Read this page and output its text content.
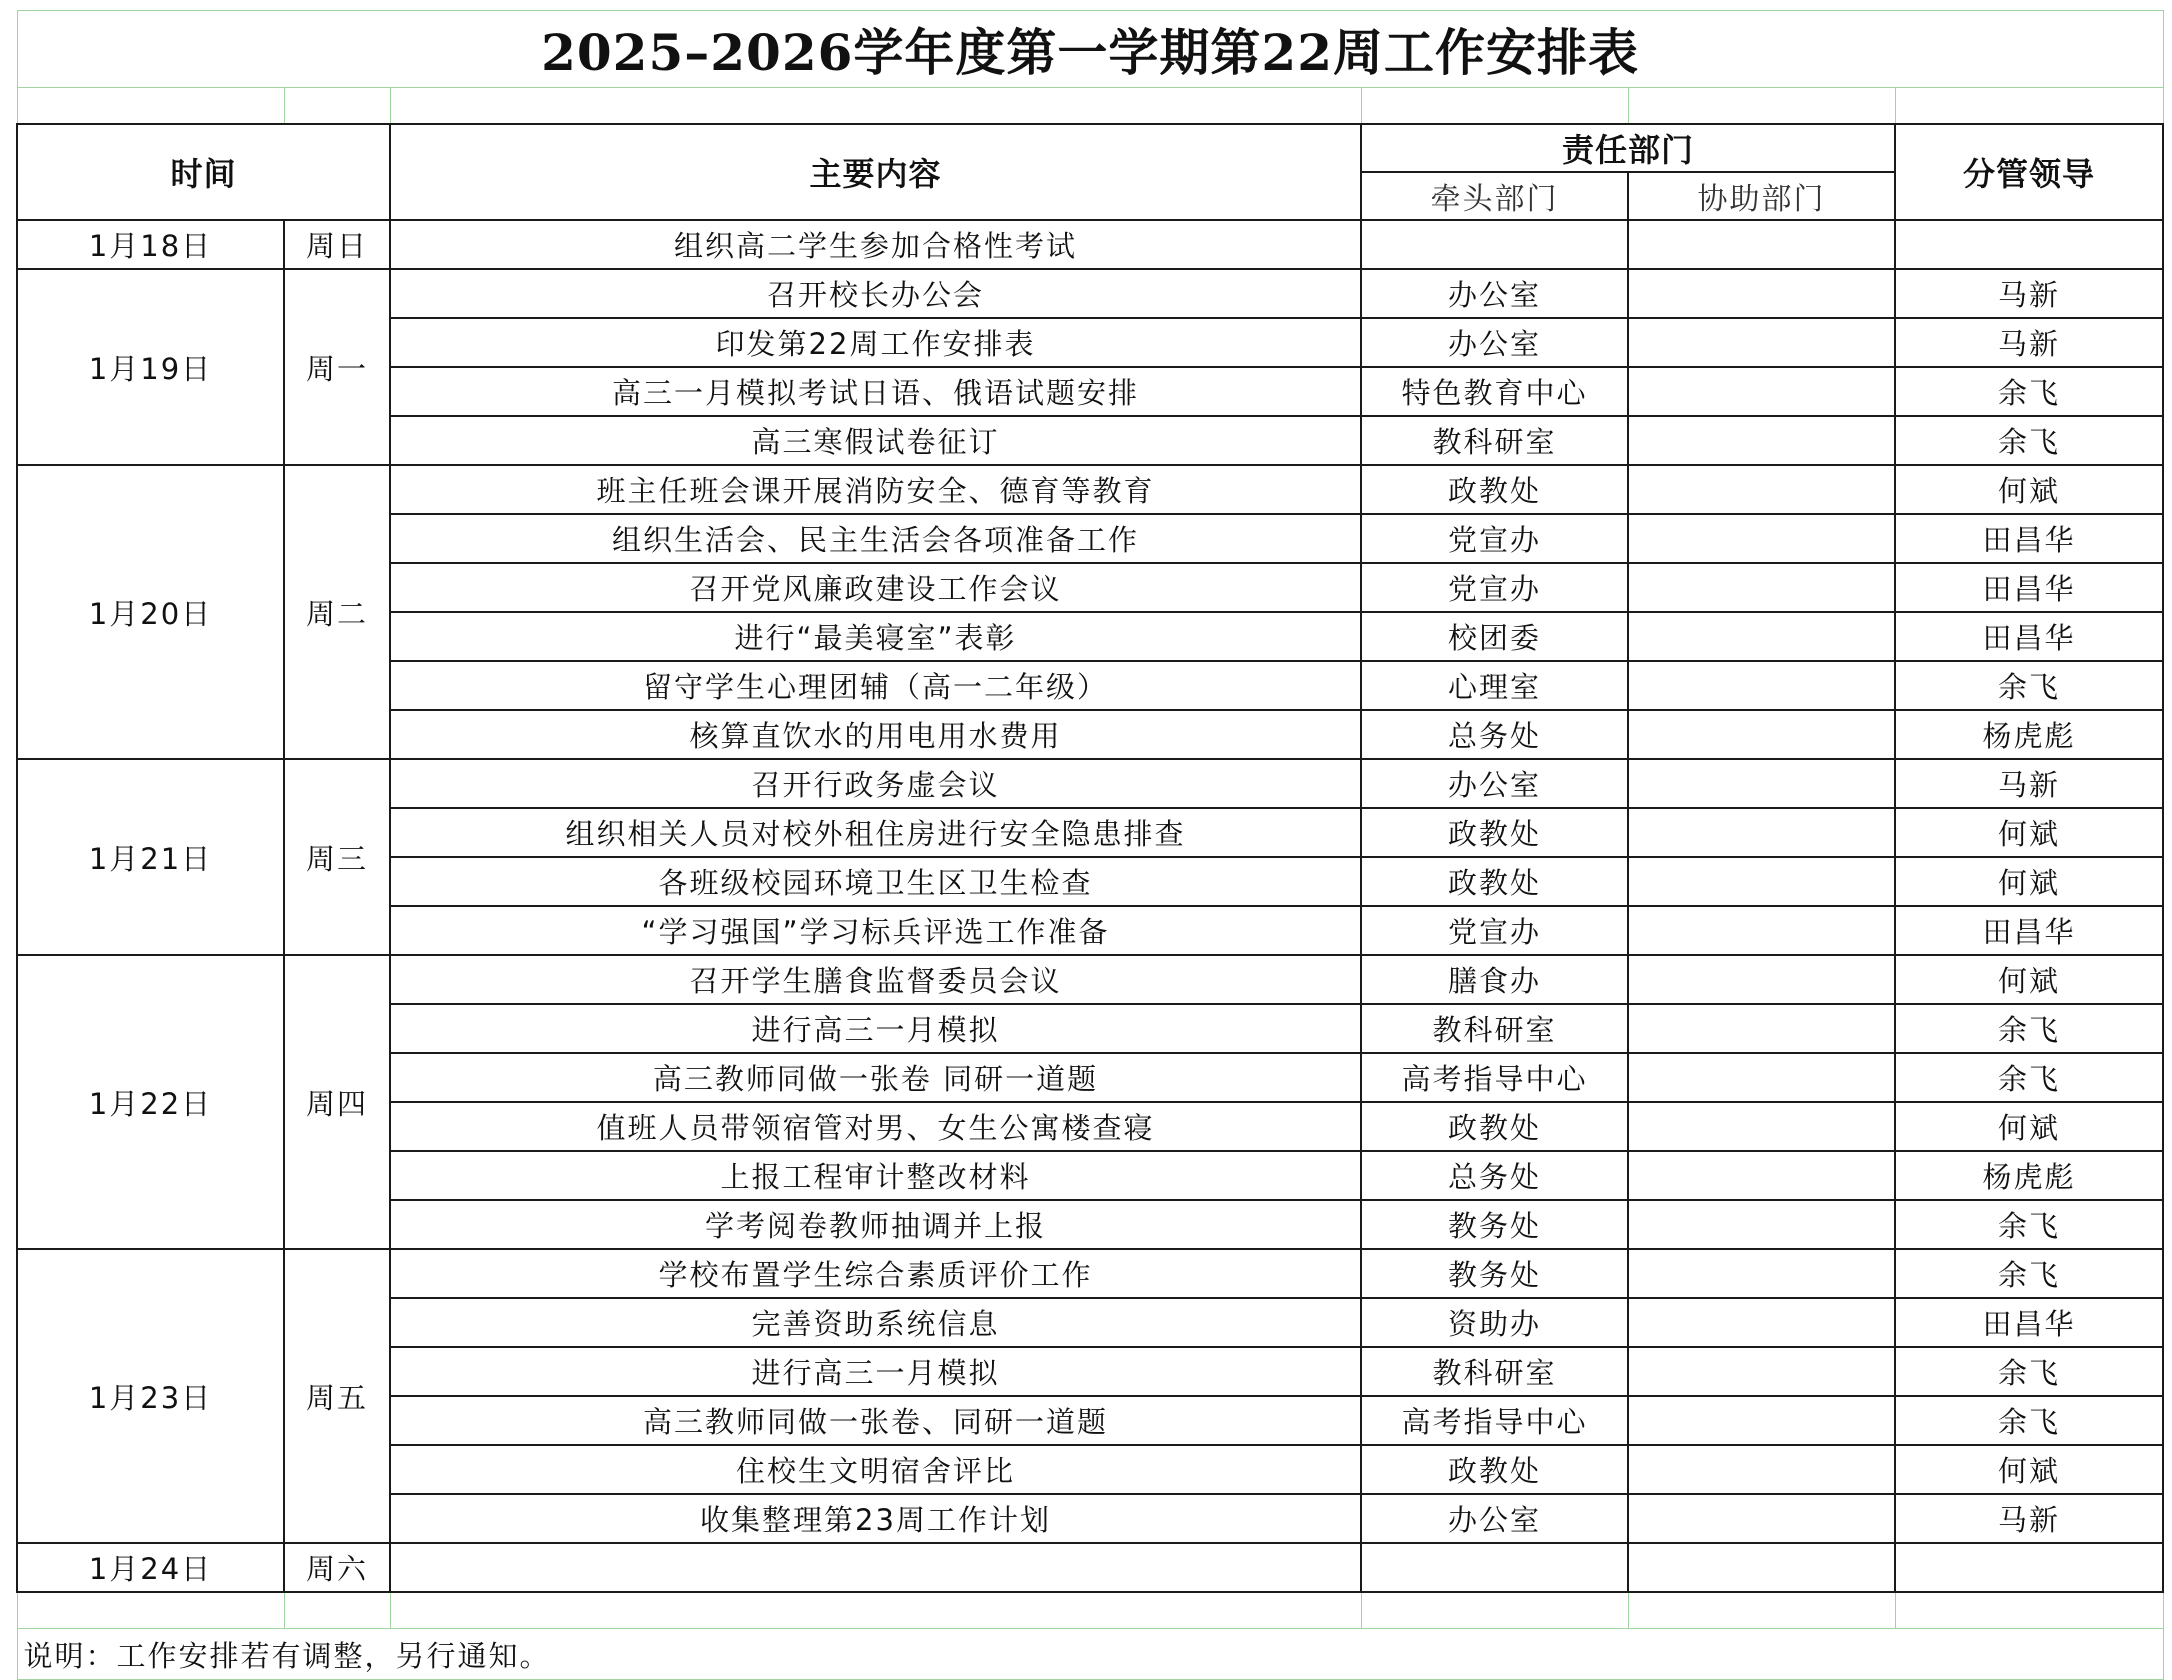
2025–2026学年度第一学期第22周工作安排表					

时间		主要内容	责任部门		分管领导
			牵头部门	协助部门	
1月18日	周日	组织高二学生参加合格性考试			
1月19日	周一	召开校长办公会	办公室		马新
		印发第22周工作安排表	办公室		马新
		高三一月模拟考试日语、俄语试题安排	特色教育中心		余飞
		高三寒假试卷征订	教科研室		余飞
1月20日	周二	班主任班会课开展消防安全、德育等教育	政教处		何斌
		组织生活会、民主生活会各项准备工作	党宣办		田昌华
		召开党风廉政建设工作会议	党宣办		田昌华
		进行“最美寝室”表彰	校团委		田昌华
		留守学生心理团辅（高一二年级）	心理室		余飞
		核算直饮水的用电用水费用	总务处		杨虎彪
1月21日	周三	召开行政务虚会议	办公室		马新
		组织相关人员对校外租住房进行安全隐患排查	政教处		何斌
		各班级校园环境卫生区卫生检查	政教处		何斌
		“学习强国”学习标兵评选工作准备	党宣办		田昌华
1月22日	周四	召开学生膳食监督委员会议	膳食办		何斌
		进行高三一月模拟	教科研室		余飞
		高三教师同做一张卷 同研一道题	高考指导中心		余飞
		值班人员带领宿管对男、女生公寓楼查寝	政教处		何斌
		上报工程审计整改材料	总务处		杨虎彪
		学考阅卷教师抽调并上报	教务处		余飞
1月23日	周五	学校布置学生综合素质评价工作	教务处		余飞
		完善资助系统信息	资助办		田昌华
		进行高三一月模拟	教科研室		余飞
		高三教师同做一张卷、同研一道题	高考指导中心		余飞
		住校生文明宿舍评比	政教处		何斌
		收集整理第23周工作计划	办公室		马新
1月24日	周六				

说明：工作安排若有调整，另行通知。					
